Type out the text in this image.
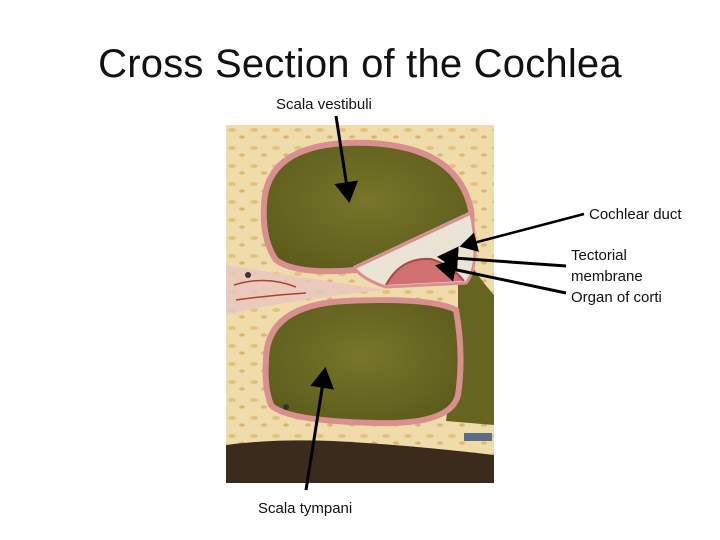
Cross Section of the Cochlea
Scala vestibuli
Cochlear duct
Tectorial
membrane
Organ of corti
Scala tympani
